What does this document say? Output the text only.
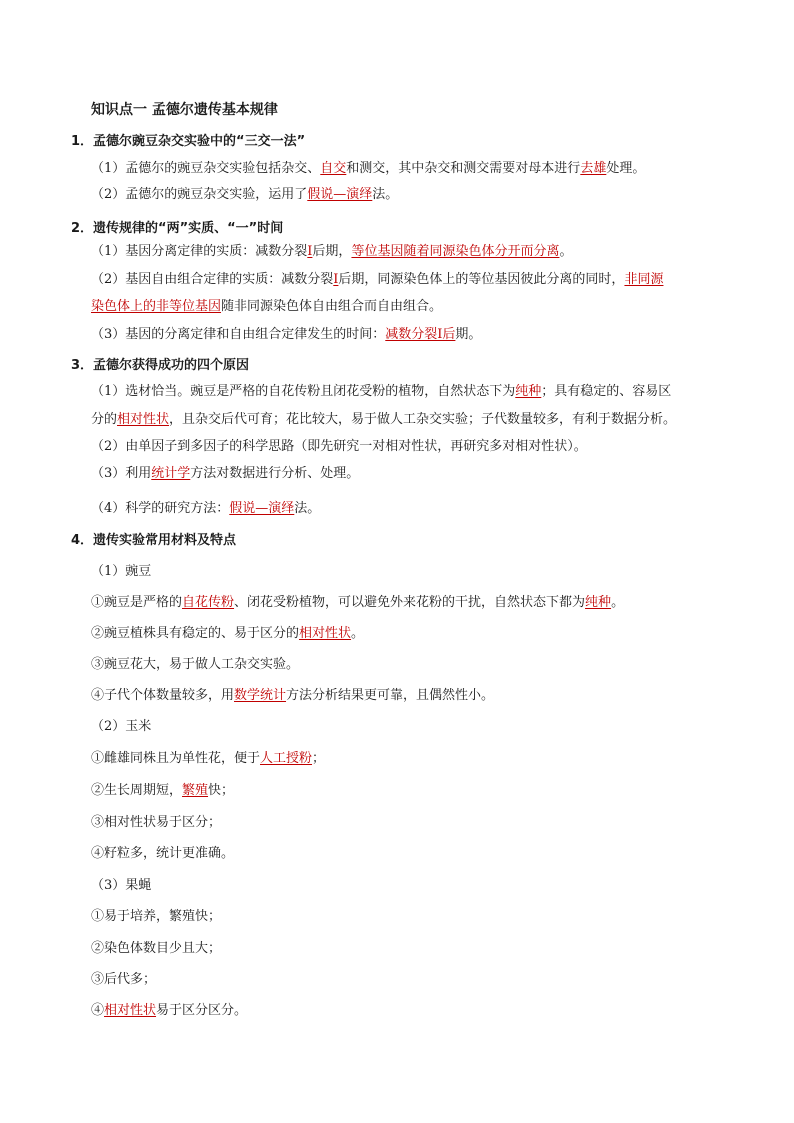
知识点一 孟德尔遗传基本规律
1．孟德尔豌豆杂交实验中的“三交一法”
（1）孟德尔的豌豆杂交实验包括杂交、自交和测交，其中杂交和测交需要对母本进行去雄处理。
（2）孟德尔的豌豆杂交实验，运用了假说—演绎法。
2．遗传规律的“两”实质、“一”时间
（1）基因分离定律的实质：减数分裂Ⅰ后期，等位基因随着同源染色体分开而分离。
（2）基因自由组合定律的实质：减数分裂Ⅰ后期，同源染色体上的等位基因彼此分离的同时，非同源
染色体上的非等位基因随非同源染色体自由组合而自由组合。
（3）基因的分离定律和自由组合定律发生的时间：减数分裂Ⅰ后期。
3．孟德尔获得成功的四个原因
（1）选材恰当。豌豆是严格的自花传粉且闭花受粉的植物，自然状态下为纯种；具有稳定的、容易区
分的相对性状，且杂交后代可育；花比较大，易于做人工杂交实验；子代数量较多，有利于数据分析。
（2）由单因子到多因子的科学思路（即先研究一对相对性状，再研究多对相对性状）。
（3）利用统计学方法对数据进行分析、处理。
（4）科学的研究方法：假说—演绎法。
4．遗传实验常用材料及特点
（1）豌豆
①豌豆是严格的自花传粉、闭花受粉植物，可以避免外来花粉的干扰，自然状态下都为纯种。
②豌豆植株具有稳定的、易于区分的相对性状。
③豌豆花大，易于做人工杂交实验。
④子代个体数量较多，用数学统计方法分析结果更可靠，且偶然性小。
（2）玉米
①雌雄同株且为单性花，便于人工授粉；
②生长周期短，繁殖快；
③相对性状易于区分；
④籽粒多，统计更准确。
（3）果蝇
①易于培养，繁殖快；
②染色体数目少且大；
③后代多；
④相对性状易于区分区分。
